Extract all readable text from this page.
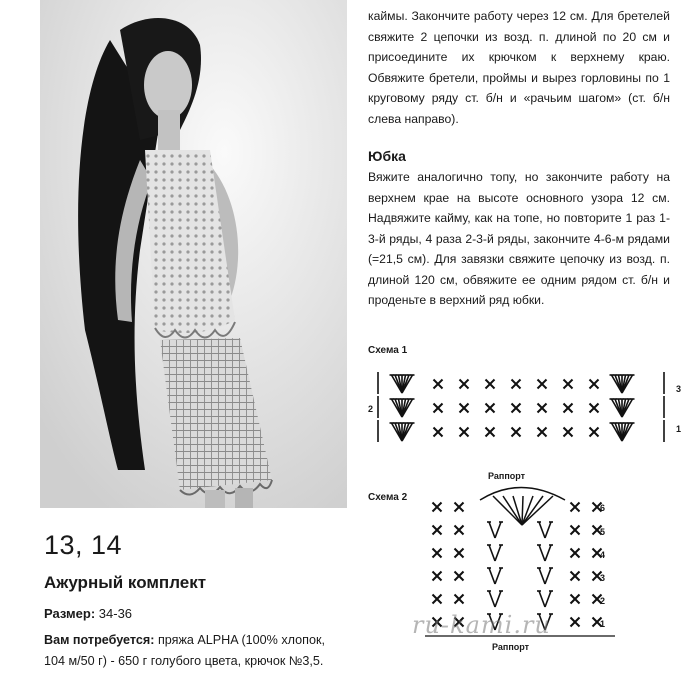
13, 14
Ажурный комплект
Размер: 34-36
Вам потребуется: пряжа ALPHA (100% хлопок, 104 м/50 г) - 650 г голубого цвета, крючок №3,5.
каймы. Закончите работу через 12 см. Для бретелей свяжите 2 цепочки из возд. п. длиной по 20 см и присоедините их крючком к верхнему краю. Обвяжите бретели, проймы и вырез горловины по 1 круговому ряду ст. б/н и «рачьим шагом» (ст. б/н слева направо).
Юбка
Вяжите аналогично топу, но закончите работу на верхнем крае на высоте основного узора 12 см. Надвяжите кайму, как на топе, но повторите 1 раз 1-3-й ряды, 4 раза 2-3-й ряды, закончите 4-6-м рядами (=21,5 см). Для завязки свяжите цепочку из возд. п. длиной 120 см, обвяжите ее одним рядом ст. б/н и проденьте в верхний ряд юбки.
Схема 1
3
2
1
Схема 2
Раппорт
Раппорт
6
5
4
3
2
1
ru-kami.ru
